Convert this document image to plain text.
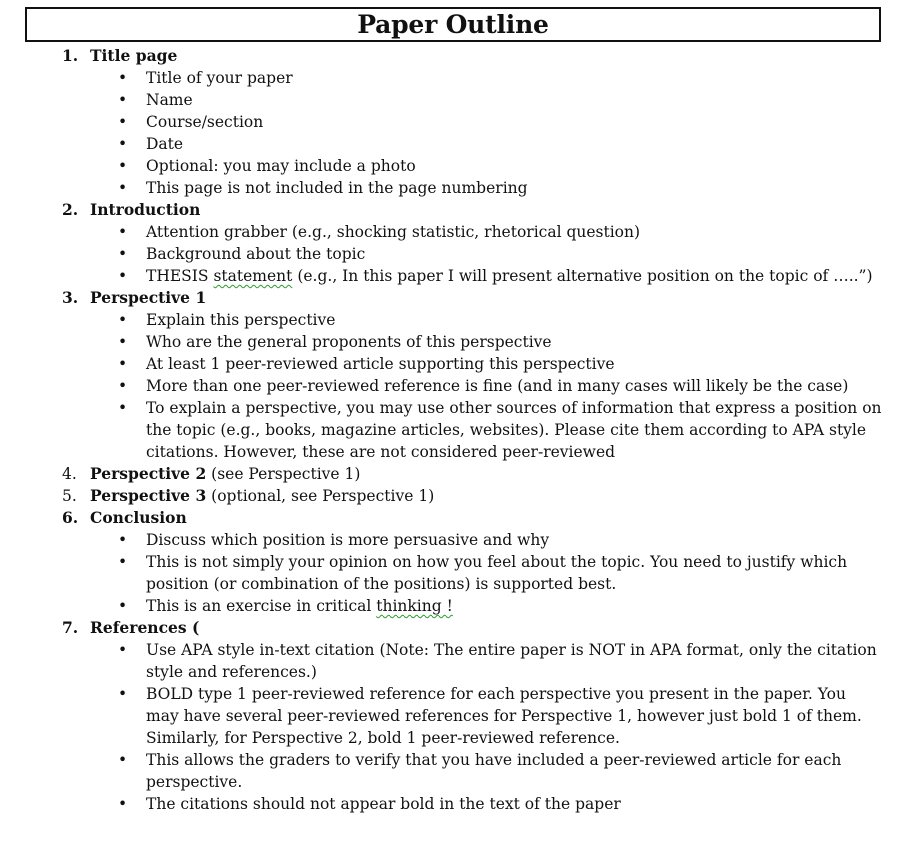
Paper Outline
1. Title page
• Title of your paper
• Name
• Course/section
• Date
• Optional: you may include a photo
• This page is not included in the page numbering
2. Introduction
• Attention grabber (e.g., shocking statistic, rhetorical question)
• Background about the topic
• THESIS statement (e.g., In this paper I will present alternative position on the topic of …..”)
3. Perspective 1
• Explain this perspective
• Who are the general proponents of this perspective
• At least 1 peer-reviewed article supporting this perspective
• More than one peer-reviewed reference is fine (and in many cases will likely be the case)
• To explain a perspective, you may use other sources of information that express a position on the topic (e.g., books, magazine articles, websites). Please cite them according to APA style citations. However, these are not considered peer-reviewed
4. Perspective 2 (see Perspective 1)
5. Perspective 3 (optional, see Perspective 1)
6. Conclusion
• Discuss which position is more persuasive and why
• This is not simply your opinion on how you feel about the topic. You need to justify which position (or combination of the positions) is supported best.
• This is an exercise in critical thinking !
7. References (
• Use APA style in-text citation (Note: The entire paper is NOT in APA format, only the citation style and references.)
• BOLD type 1 peer-reviewed reference for each perspective you present in the paper. You may have several peer-reviewed references for Perspective 1, however just bold 1 of them. Similarly, for Perspective 2, bold 1 peer-reviewed reference.
• This allows the graders to verify that you have included a peer-reviewed article for each perspective.
• The citations should not appear bold in the text of the paper
